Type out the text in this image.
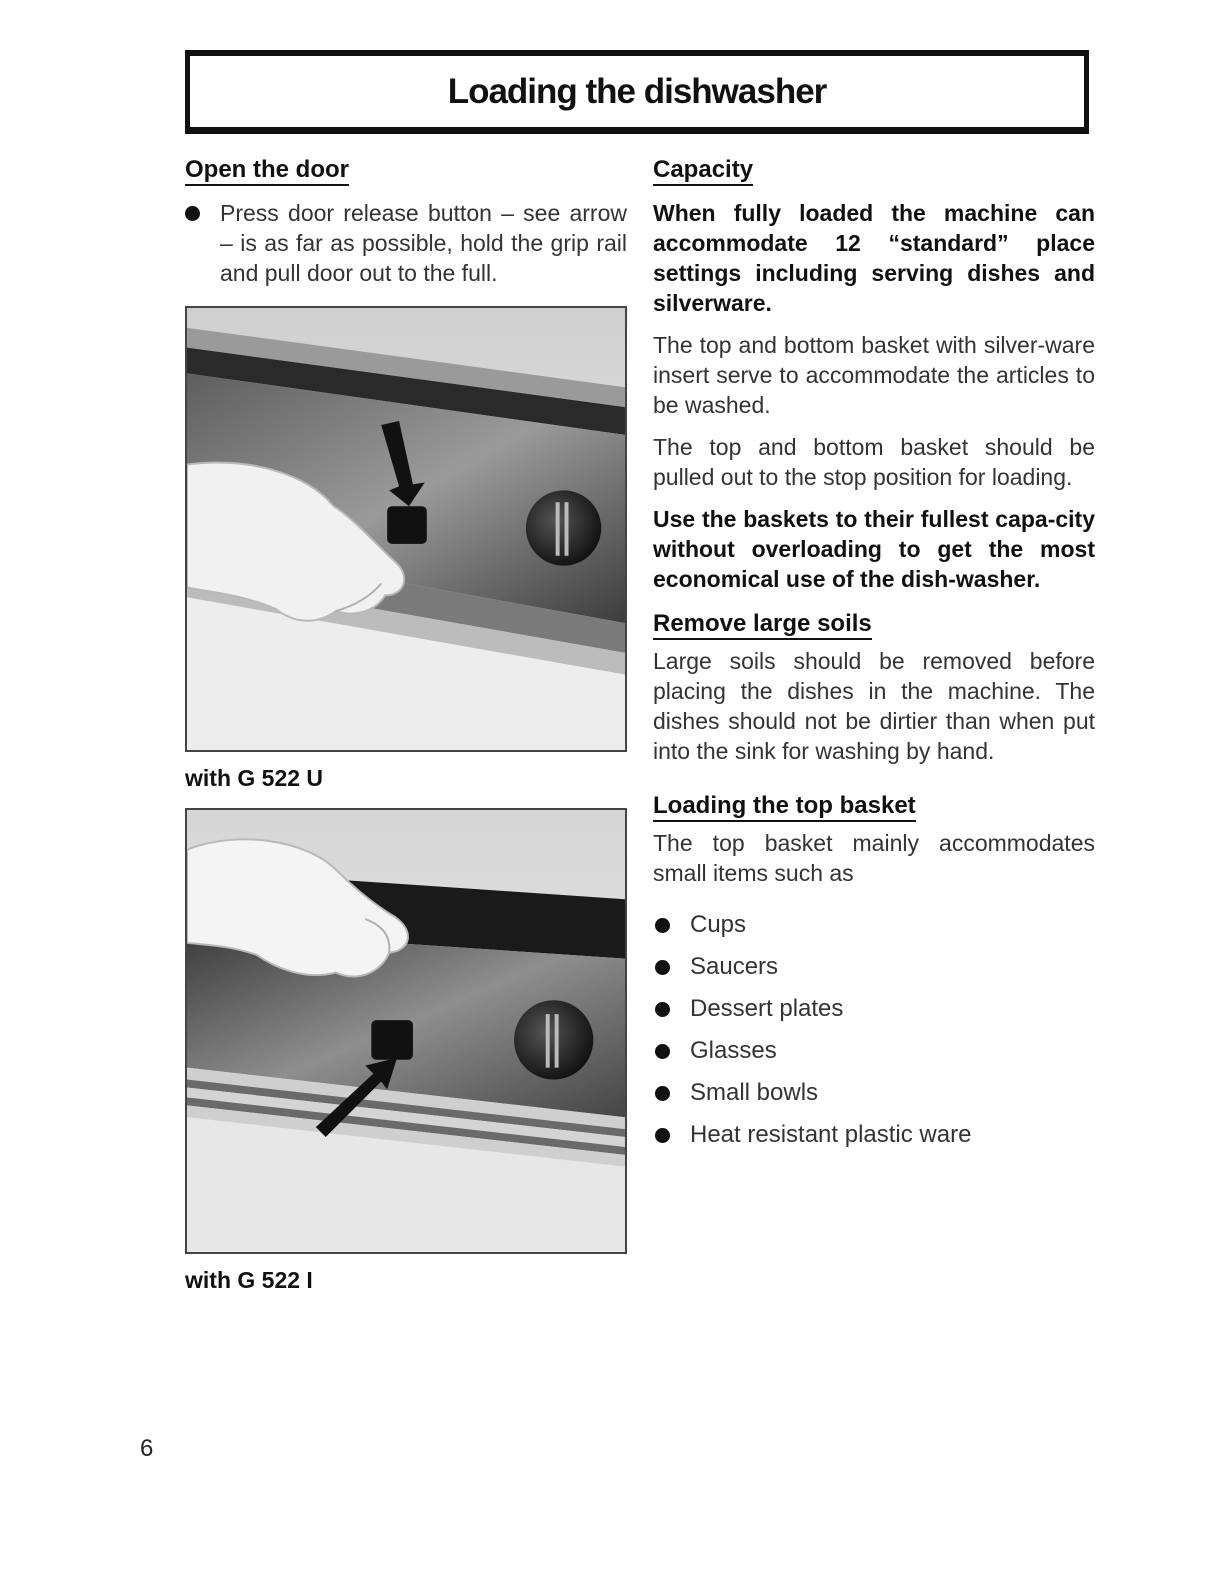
Loading the dishwasher
Open the door
Press door release button – see arrow – is as far as possible, hold the grip rail and pull door out to the full.
with G 522 U
with G 522 I
Capacity

When fully loaded the machine can accommodate 12 “standard” place settings including serving dishes and silverware.

The top and bottom basket with silver-ware insert serve to accommodate the articles to be washed.

The top and bottom basket should be pulled out to the stop position for loading.

Use the baskets to their fullest capa-city without overloading to get the most economical use of the dish-washer.

Remove large soils

Large soils should be removed before placing the dishes in the machine. The dishes should not be dirtier than when put into the sink for washing by hand.

Loading the top basket

The top basket mainly accommodates small items such as

Cups
Saucers
Dessert plates
Glasses
Small bowls
Heat resistant plastic ware
6
